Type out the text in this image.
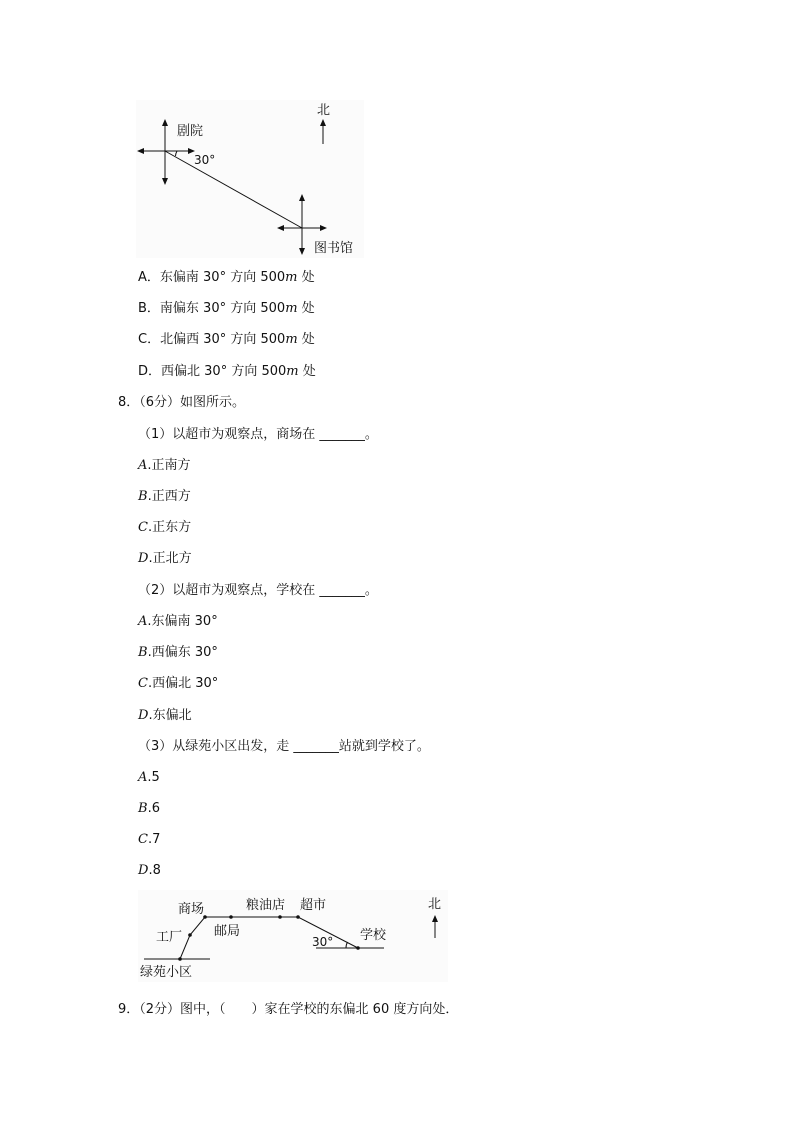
北
剧院
30°
图书馆
A．东偏南 30° 方向 500m 处
B．南偏东 30° 方向 500m 处
C．北偏西 30° 方向 500m 处
D．西偏北 30° 方向 500m 处
8．（6分）如图所示。
（1）以超市为观察点，商场在 _______。
A.正南方
B.正西方
C.正东方
D.正北方
（2）以超市为观察点，学校在 _______。
A.东偏南 30°
B.西偏东 30°
C.西偏北 30°
D.东偏北
（3）从绿苑小区出发，走 _______站就到学校了。
A.5
B.6
C.7
D.8
商场	粮油店 超市
工厂 邮局	学校
30°
绿苑小区
北
9．（2分）图中，（　　）家在学校的东偏北 60 度方向处．
